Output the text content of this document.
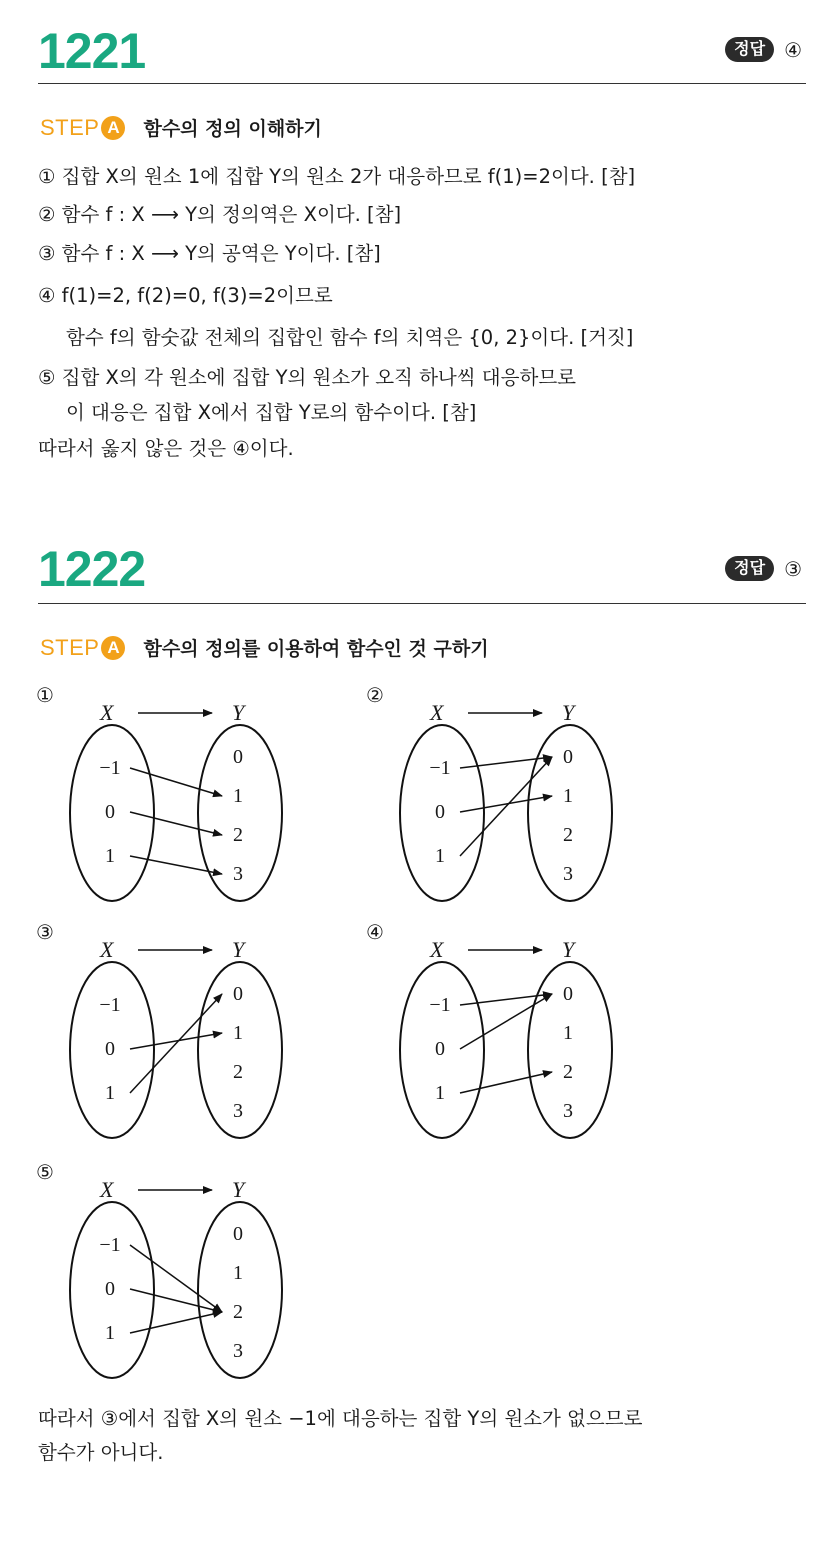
1221	정답 ④
STEP A	함수의 정의 이해하기
① 집합 X의 원소 1에 집합 Y의 원소 2가 대응하므로 f(1)=2이다. [참]
② 함수 f : X ⟶ Y의 정의역은 X이다. [참]
③ 함수 f : X ⟶ Y의 공역은 Y이다. [참]
④ f(1)=2, f(2)=0, f(3)=2이므로
함수 f의 함숫값 전체의 집합인 함수 f의 치역은 {0, 2}이다. [거짓]
⑤ 집합 X의 각 원소에 집합 Y의 원소가 오직 하나씩 대응하므로
이 대응은 집합 X에서 집합 Y로의 함수이다. [참]
따라서 옳지 않은 것은 ④이다.
1222	정답 ③
STEP A	함수의 정의를 이용하여 함수인 것 구하기
①
X	Y
−1
0
1
0
1
2
3
②
X	Y
−1
0
1
0
1
2
3
③
X	Y
−1
0
1
0
1
2
3
④
X	Y
−1
0
1
0
1
2
3
⑤
X	Y
−1
0
1
0
1
2
3
따라서 ③에서 집합 X의 원소 −1에 대응하는 집합 Y의 원소가 없으므로
함수가 아니다.
